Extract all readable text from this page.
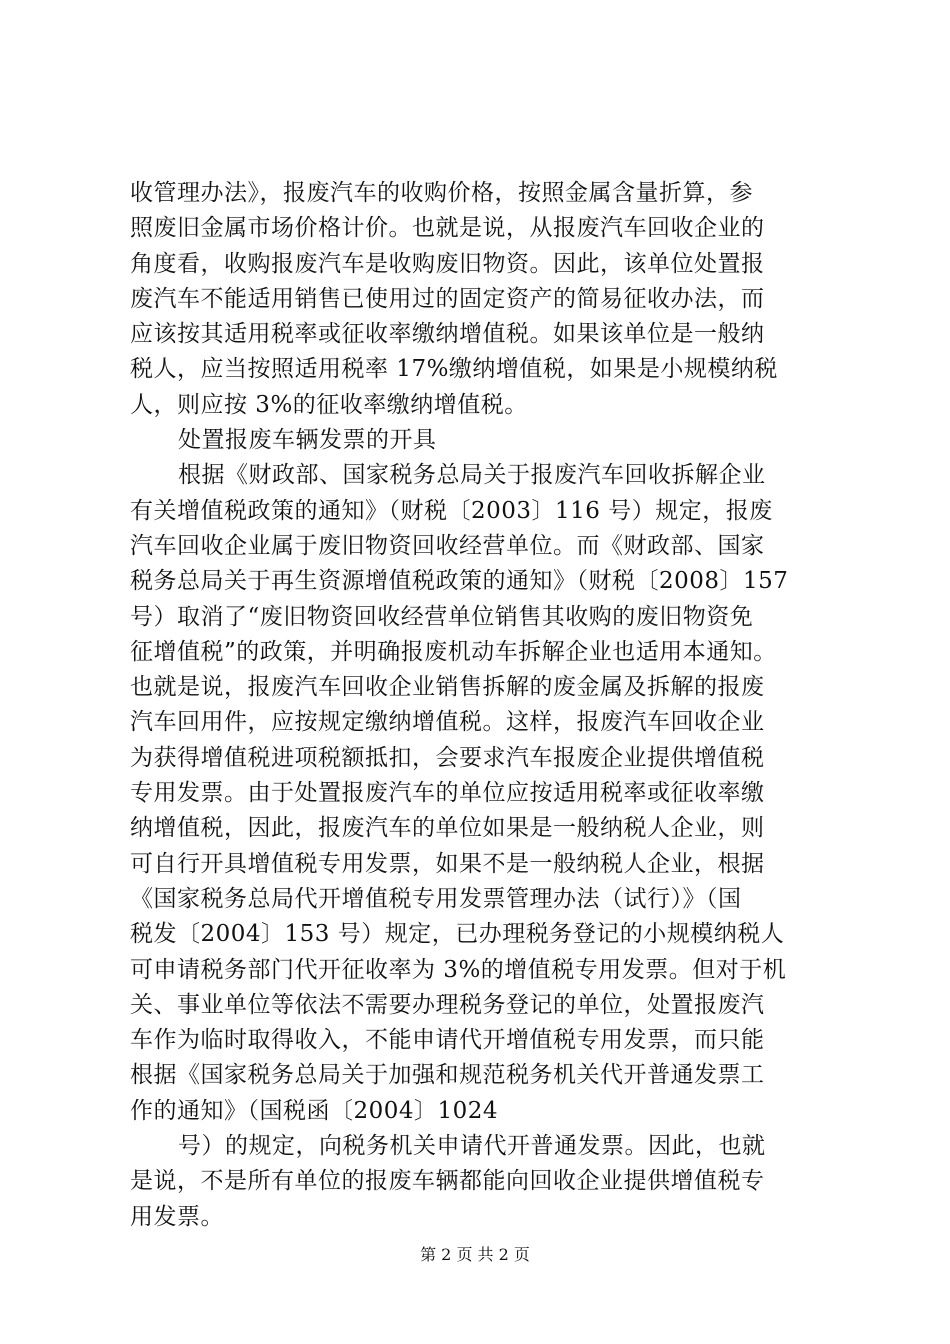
收管理办法》，报废汽车的收购价格，按照金属含量折算，参
照废旧金属市场价格计价。也就是说，从报废汽车回收企业的
角度看，收购报废汽车是收购废旧物资。因此，该单位处置报
废汽车不能适用销售已使用过的固定资产的简易征收办法，而
应该按其适用税率或征收率缴纳增值税。如果该单位是一般纳
税人，应当按照适用税率 17%缴纳增值税，如果是小规模纳税
人，则应按 3%的征收率缴纳增值税。
处置报废车辆发票的开具
根据《财政部、国家税务总局关于报废汽车回收拆解企业
有关增值税政策的通知》（财税〔2003〕116 号）规定，报废
汽车回收企业属于废旧物资回收经营单位。而《财政部、国家
税务总局关于再生资源增值税政策的通知》（财税〔2008〕157
号）取消了“废旧物资回收经营单位销售其收购的废旧物资免
征增值税”的政策，并明确报废机动车拆解企业也适用本通知。
也就是说，报废汽车回收企业销售拆解的废金属及拆解的报废
汽车回用件，应按规定缴纳增值税。这样，报废汽车回收企业
为获得增值税进项税额抵扣，会要求汽车报废企业提供增值税
专用发票。由于处置报废汽车的单位应按适用税率或征收率缴
纳增值税，因此，报废汽车的单位如果是一般纳税人企业，则
可自行开具增值税专用发票，如果不是一般纳税人企业，根据
《国家税务总局代开增值税专用发票管理办法（试行）》（国
税发〔2004〕153 号）规定，已办理税务登记的小规模纳税人
可申请税务部门代开征收率为 3%的增值税专用发票。但对于机
关、事业单位等依法不需要办理税务登记的单位，处置报废汽
车作为临时取得收入，不能申请代开增值税专用发票，而只能
根据《国家税务总局关于加强和规范税务机关代开普通发票工
作的通知》（国税函〔2004〕1024
号）的规定，向税务机关申请代开普通发票。因此，也就
是说，不是所有单位的报废车辆都能向回收企业提供增值税专
用发票。
第 2 页 共 2 页
